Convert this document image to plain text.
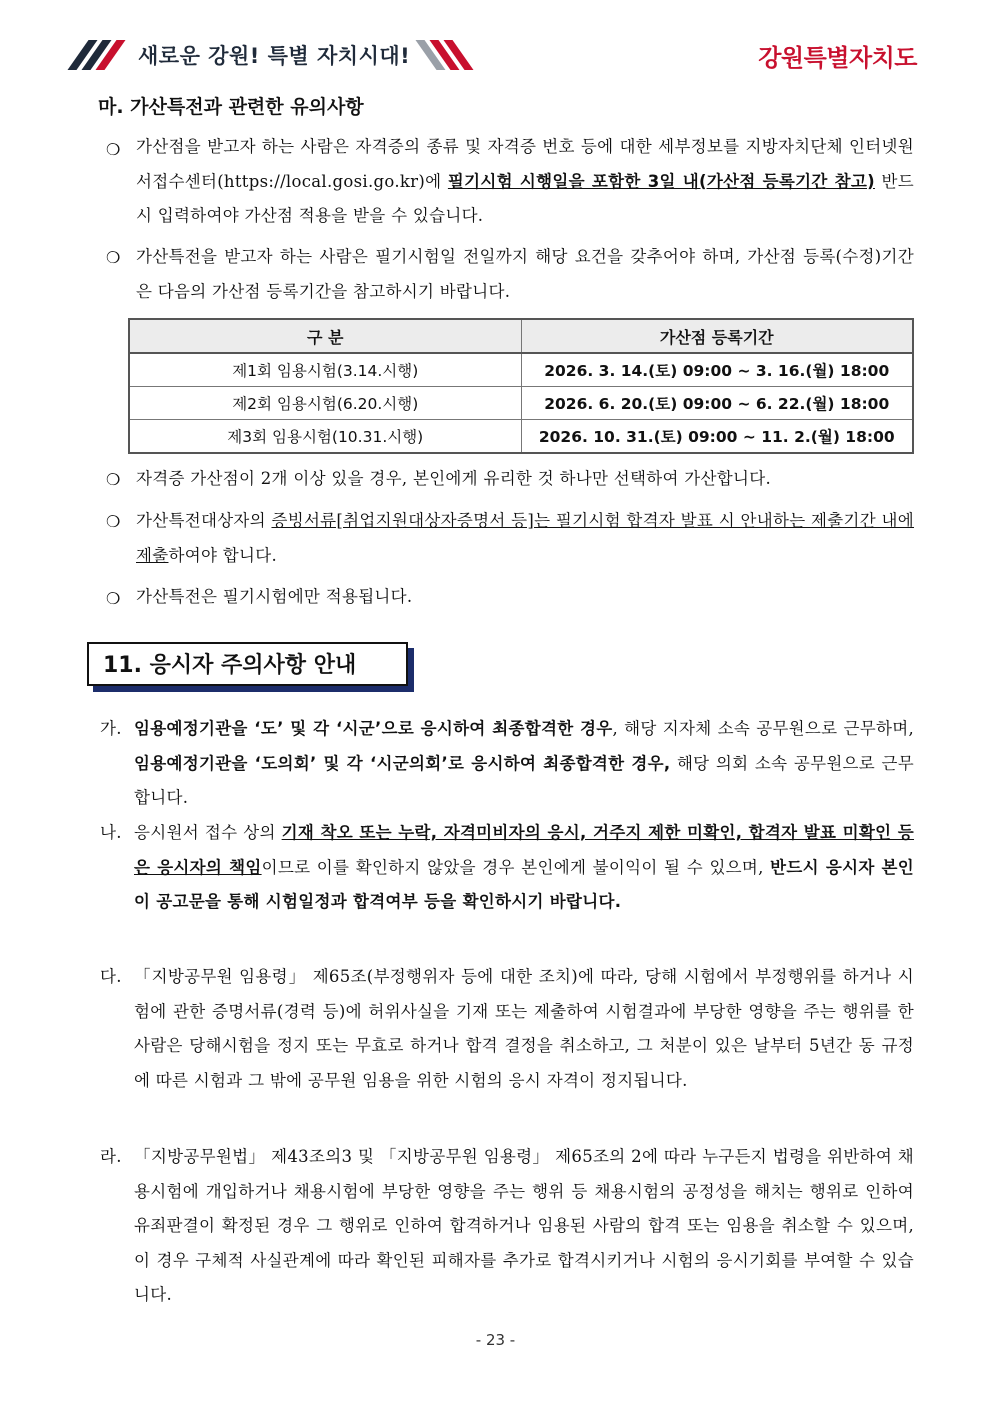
새로운 강원! 특별 자치시대!	강원특별자치도
마. 가산특전과 관련한 유의사항
❍ 가산점을 받고자 하는 사람은 자격증의 종류 및 자격증 번호 등에 대한 세부정보를 지방자치단체 인터넷원서접수센터(https://local.gosi.go.kr)에 필기시험 시행일을 포함한 3일 내(가산점 등록기간 참고) 반드시 입력하여야 가산점 적용을 받을 수 있습니다.
❍ 가산특전을 받고자 하는 사람은 필기시험일 전일까지 해당 요건을 갖추어야 하며, 가산점 등록(수정)기간은 다음의 가산점 등록기간을 참고하시기 바랍니다.
구 분	가산점 등록기간
제1회 임용시험(3.14.시행)	2026. 3. 14.(토) 09:00 ~ 3. 16.(월) 18:00
제2회 임용시험(6.20.시행)	2026. 6. 20.(토) 09:00 ~ 6. 22.(월) 18:00
제3회 임용시험(10.31.시행)	2026. 10. 31.(토) 09:00 ~ 11. 2.(월) 18:00
❍ 자격증 가산점이 2개 이상 있을 경우, 본인에게 유리한 것 하나만 선택하여 가산합니다.
❍ 가산특전대상자의 증빙서류[취업지원대상자증명서 등]는 필기시험 합격자 발표 시 안내하는 제출기간 내에 제출하여야 합니다.
❍ 가산특전은 필기시험에만 적용됩니다.
11. 응시자 주의사항 안내
가. 임용예정기관을 ‘도’ 및 각 ‘시군’으로 응시하여 최종합격한 경우, 해당 지자체 소속 공무원으로 근무하며, 임용예정기관을 ‘도의회’ 및 각 ‘시군의회’로 응시하여 최종합격한 경우, 해당 의회 소속 공무원으로 근무합니다.
나. 응시원서 접수 상의 기재 착오 또는 누락, 자격미비자의 응시, 거주지 제한 미확인, 합격자 발표 미확인 등은 응시자의 책임이므로 이를 확인하지 않았을 경우 본인에게 불이익이 될 수 있으며, 반드시 응시자 본인이 공고문을 통해 시험일정과 합격여부 등을 확인하시기 바랍니다.
다. 「지방공무원 임용령」 제65조(부정행위자 등에 대한 조치)에 따라, 당해 시험에서 부정행위를 하거나 시험에 관한 증명서류(경력 등)에 허위사실을 기재 또는 제출하여 시험결과에 부당한 영향을 주는 행위를 한 사람은 당해시험을 정지 또는 무효로 하거나 합격 결정을 취소하고, 그 처분이 있은 날부터 5년간 동 규정에 따른 시험과 그 밖에 공무원 임용을 위한 시험의 응시 자격이 정지됩니다.
라. 「지방공무원법」 제43조의3 및 「지방공무원 임용령」 제65조의 2에 따라 누구든지 법령을 위반하여 채용시험에 개입하거나 채용시험에 부당한 영향을 주는 행위 등 채용시험의 공정성을 해치는 행위로 인하여 유죄판결이 확정된 경우 그 행위로 인하여 합격하거나 임용된 사람의 합격 또는 임용을 취소할 수 있으며, 이 경우 구체적 사실관계에 따라 확인된 피해자를 추가로 합격시키거나 시험의 응시기회를 부여할 수 있습니다.
- 23 -
